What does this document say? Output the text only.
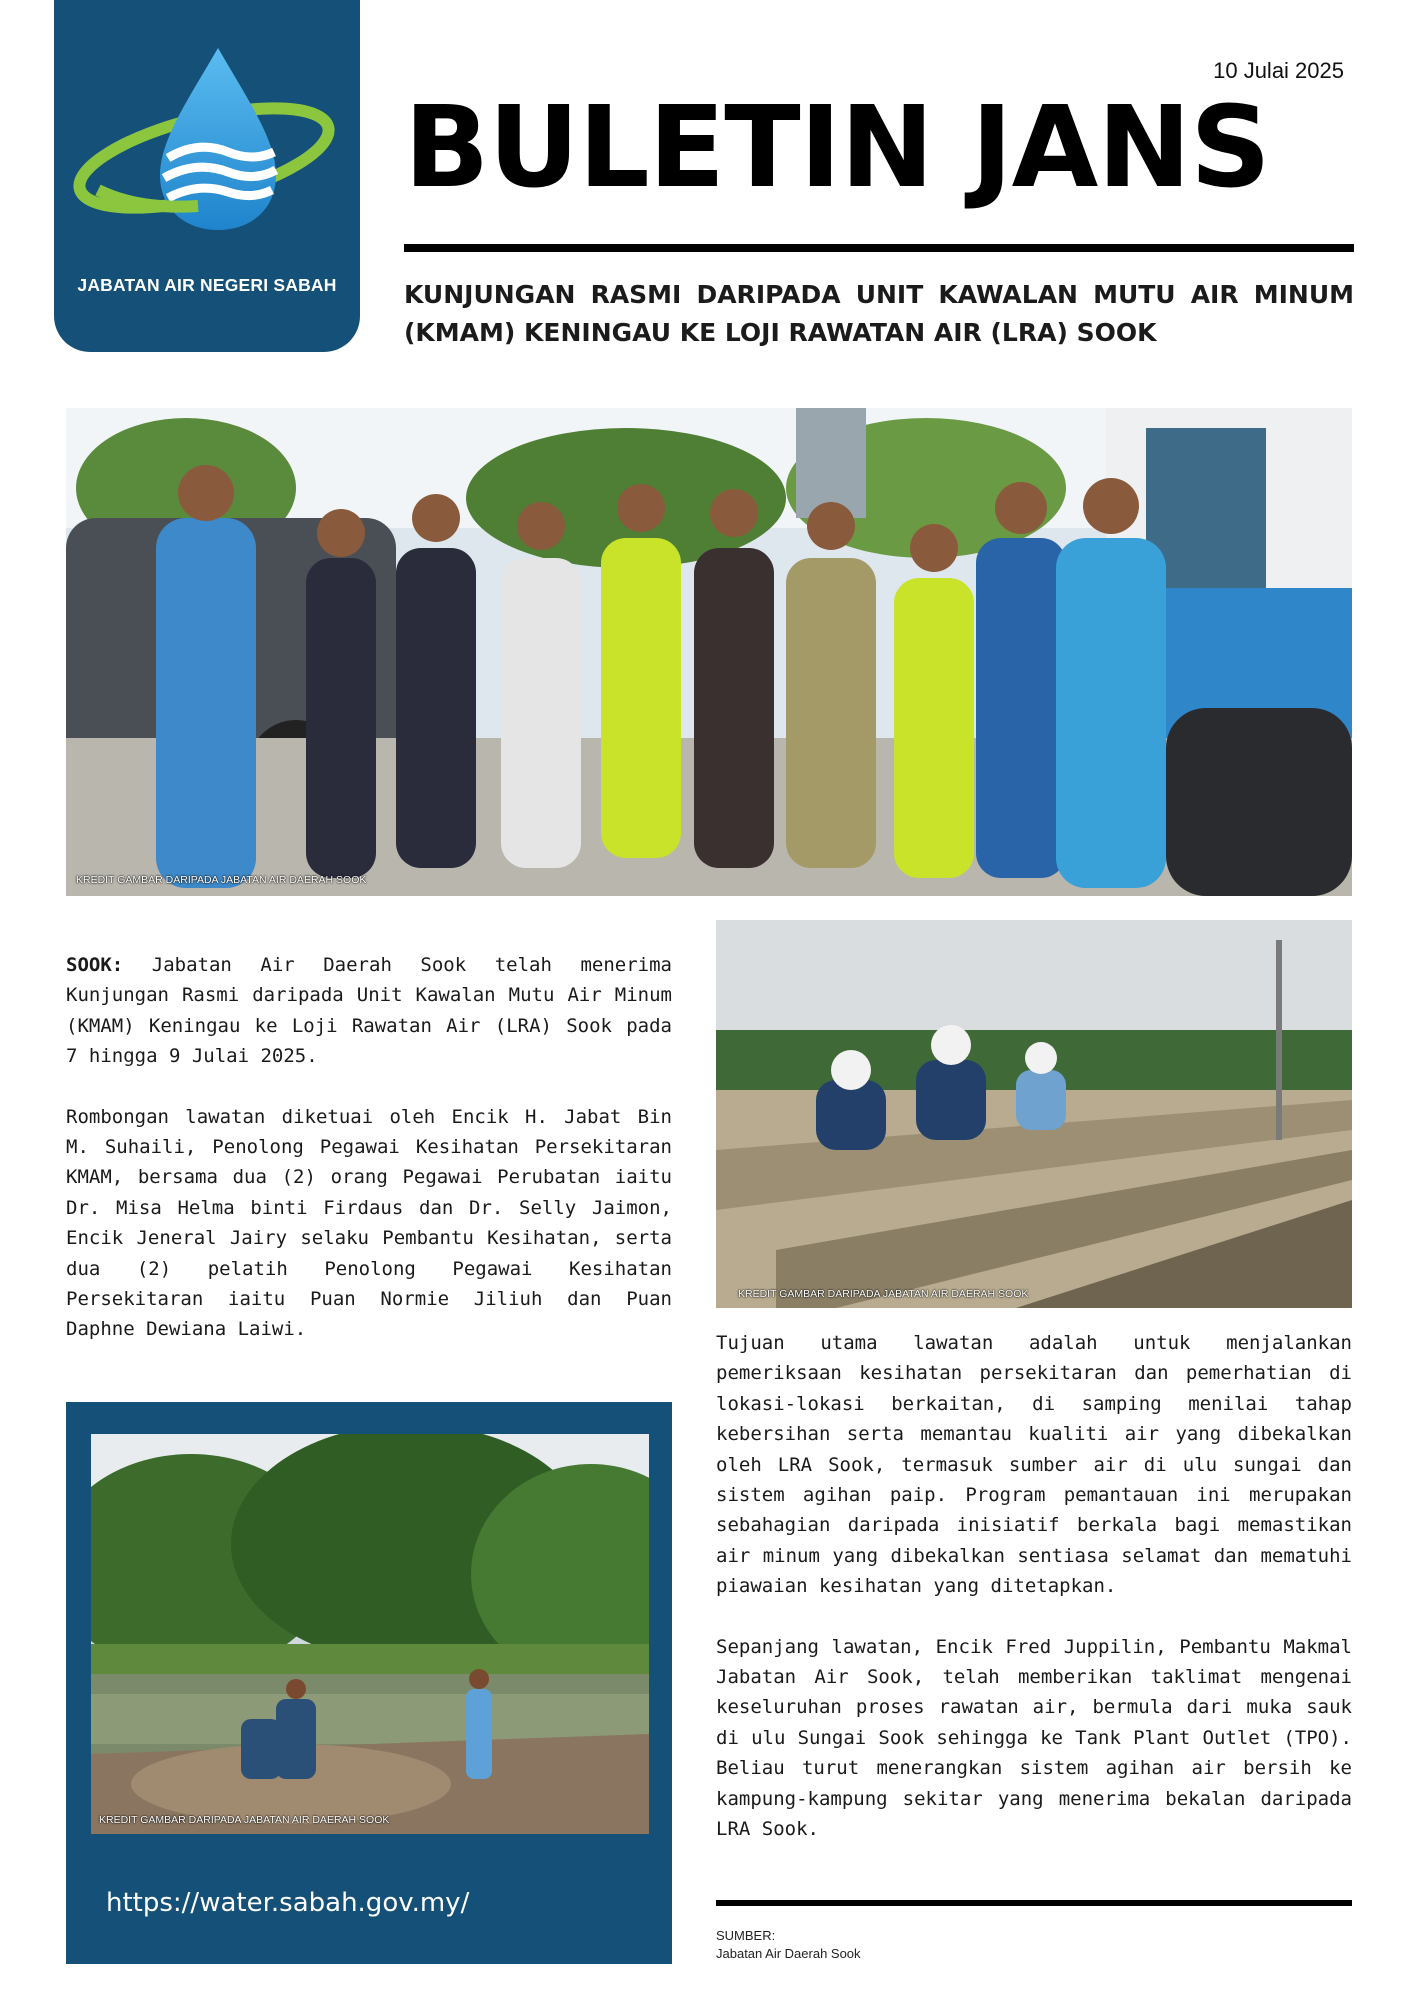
JABATAN AIR NEGERI SABAH
10 Julai 2025
BULETIN JANS
KUNJUNGAN RASMI DARIPADA UNIT KAWALAN MUTU AIR MINUM (KMAM) KENINGAU KE LOJI RAWATAN AIR (LRA) SOOK
KREDIT GAMBAR DARIPADA JABATAN AIR DAERAH SOOK

SOOK: Jabatan Air Daerah Sook telah menerima Kunjungan Rasmi daripada Unit Kawalan Mutu Air Minum (KMAM) Keningau ke Loji Rawatan Air (LRA) Sook pada 7 hingga 9 Julai 2025.

Rombongan lawatan diketuai oleh Encik H. Jabat Bin M. Suhaili, Penolong Pegawai Kesihatan Persekitaran KMAM, bersama dua (2) orang Pegawai Perubatan iaitu Dr. Misa Helma binti Firdaus dan Dr. Selly Jaimon, Encik Jeneral Jairy selaku Pembantu Kesihatan, serta dua (2) pelatih Penolong Pegawai Kesihatan Persekitaran iaitu Puan Normie Jiliuh dan Puan Daphne Dewiana Laiwi.

KREDIT GAMBAR DARIPADA JABATAN AIR DAERAH SOOK

Tujuan utama lawatan adalah untuk menjalankan pemeriksaan kesihatan persekitaran dan pemerhatian di lokasi-lokasi berkaitan, di samping menilai tahap kebersihan serta memantau kualiti air yang dibekalkan oleh LRA Sook, termasuk sumber air di ulu sungai dan sistem agihan paip. Program pemantauan ini merupakan sebahagian daripada inisiatif berkala bagi memastikan air minum yang dibekalkan sentiasa selamat dan mematuhi piawaian kesihatan yang ditetapkan.

Sepanjang lawatan, Encik Fred Juppilin, Pembantu Makmal Jabatan Air Sook, telah memberikan taklimat mengenai keseluruhan proses rawatan air, bermula dari muka sauk di ulu Sungai Sook sehingga ke Tank Plant Outlet (TPO). Beliau turut menerangkan sistem agihan air bersih ke kampung-kampung sekitar yang menerima bekalan daripada LRA Sook.

KREDIT GAMBAR DARIPADA JABATAN AIR DAERAH SOOK
https://water.sabah.gov.my/
SUMBER:
Jabatan Air Daerah Sook
